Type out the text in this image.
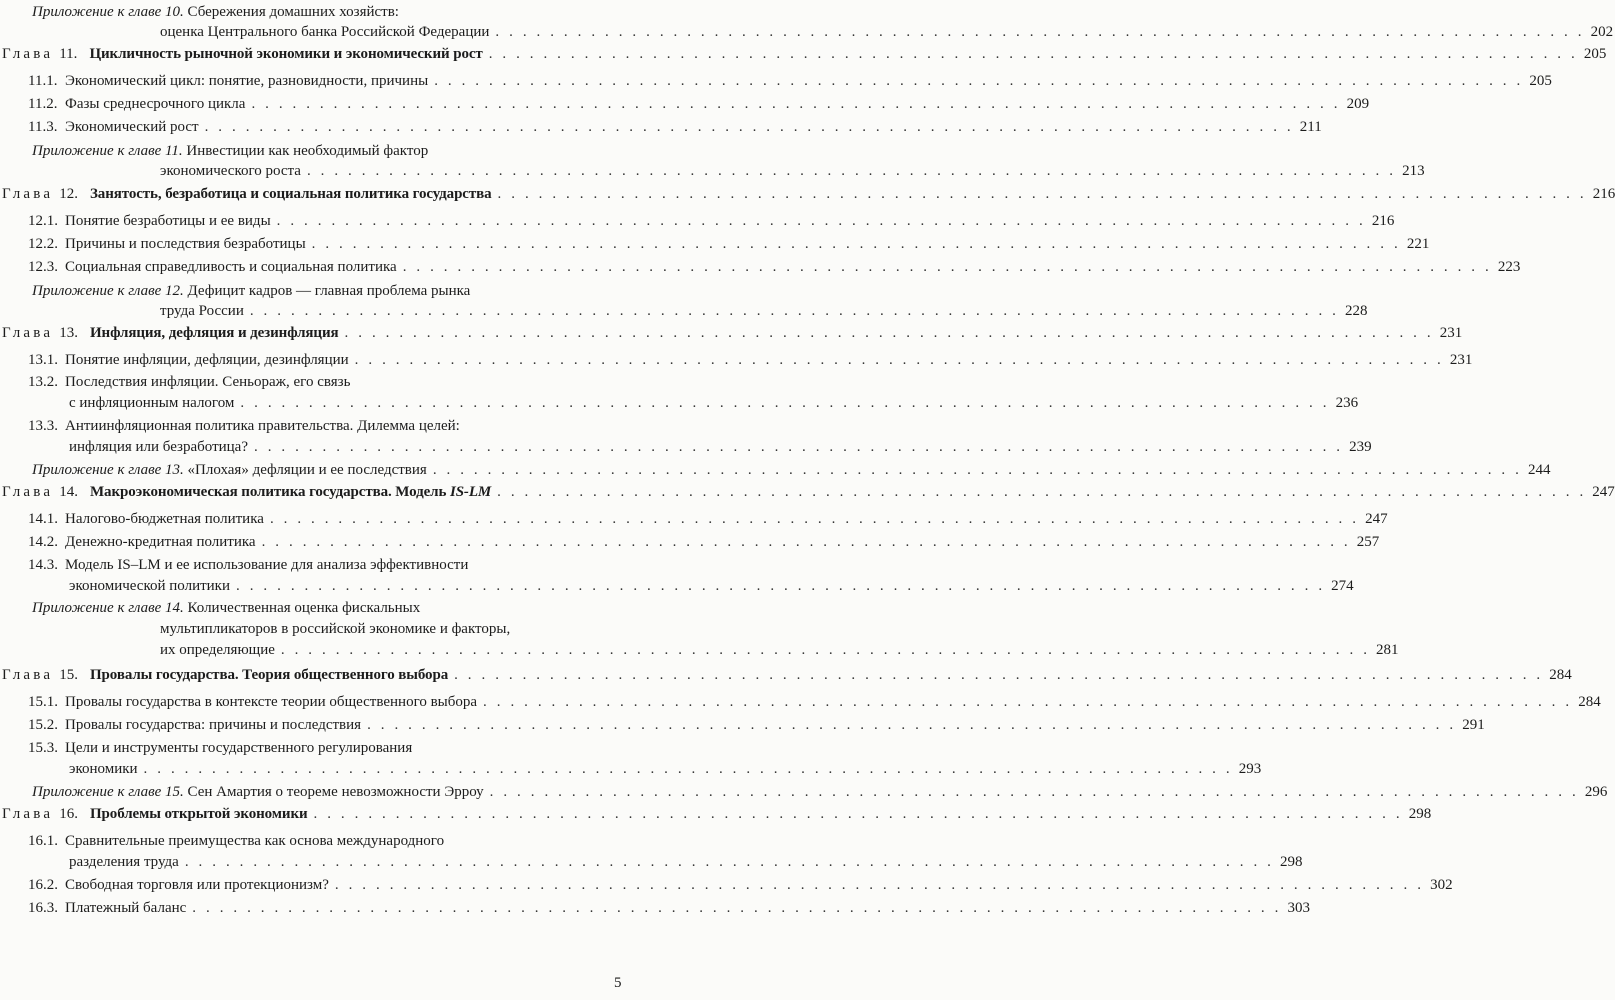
Приложение к главе 10. Сбережения домашних хозяйств:
оценка Центрального банка Российской Федерации . . . . . . . . . . . . . . . . . . . . . . . . . . . . . . . . . . . . . . . . . . . . . . . . . . . . . . . . . . . . . . . . . . . . . . . . . . . . . . . . 202
Глава 11. Цикличность рыночной экономики и экономический рост . . . . . . . . . . . . . . . . . . . . . . . . . . . . . . . . . . . . . . . . . . . . . . . . . . . . . . . . . . . . . . . . . . . . . . . . . . . . . . . . 205
11.1. Экономический цикл: понятие, разновидности, причины . . . . . . . . . . . . . . . . . . . . . . . . . . . . . . . . . . . . . . . . . . . . . . . . . . . . . . . . . . . . . . . . . . . . . . . . . . . . . . . . 205
11.2. Фазы среднесрочного цикла . . . . . . . . . . . . . . . . . . . . . . . . . . . . . . . . . . . . . . . . . . . . . . . . . . . . . . . . . . . . . . . . . . . . . . . . . . . . . . . . 209
11.3. Экономический рост . . . . . . . . . . . . . . . . . . . . . . . . . . . . . . . . . . . . . . . . . . . . . . . . . . . . . . . . . . . . . . . . . . . . . . . . . . . . . . . . 211
Приложение к главе 11. Инвестиции как необходимый фактор
экономического роста . . . . . . . . . . . . . . . . . . . . . . . . . . . . . . . . . . . . . . . . . . . . . . . . . . . . . . . . . . . . . . . . . . . . . . . . . . . . . . . . 213
Глава 12. Занятость, безработица и социальная политика государства . . . . . . . . . . . . . . . . . . . . . . . . . . . . . . . . . . . . . . . . . . . . . . . . . . . . . . . . . . . . . . . . . . . . . . . . . . . . . . . . 216
12.1. Понятие безработицы и ее виды . . . . . . . . . . . . . . . . . . . . . . . . . . . . . . . . . . . . . . . . . . . . . . . . . . . . . . . . . . . . . . . . . . . . . . . . . . . . . . . . 216
12.2. Причины и последствия безработицы . . . . . . . . . . . . . . . . . . . . . . . . . . . . . . . . . . . . . . . . . . . . . . . . . . . . . . . . . . . . . . . . . . . . . . . . . . . . . . . . 221
12.3. Социальная справедливость и социальная политика . . . . . . . . . . . . . . . . . . . . . . . . . . . . . . . . . . . . . . . . . . . . . . . . . . . . . . . . . . . . . . . . . . . . . . . . . . . . . . . . 223
Приложение к главе 12. Дефицит кадров — главная проблема рынка
труда России . . . . . . . . . . . . . . . . . . . . . . . . . . . . . . . . . . . . . . . . . . . . . . . . . . . . . . . . . . . . . . . . . . . . . . . . . . . . . . . . 228
Глава 13. Инфляция, дефляция и дезинфляция . . . . . . . . . . . . . . . . . . . . . . . . . . . . . . . . . . . . . . . . . . . . . . . . . . . . . . . . . . . . . . . . . . . . . . . . . . . . . . . . 231
13.1. Понятие инфляции, дефляции, дезинфляции . . . . . . . . . . . . . . . . . . . . . . . . . . . . . . . . . . . . . . . . . . . . . . . . . . . . . . . . . . . . . . . . . . . . . . . . . . . . . . . . 231
13.2. Последствия инфляции. Сеньораж, его связь
с инфляционным налогом . . . . . . . . . . . . . . . . . . . . . . . . . . . . . . . . . . . . . . . . . . . . . . . . . . . . . . . . . . . . . . . . . . . . . . . . . . . . . . . . 236
13.3. Антиинфляционная политика правительства. Дилемма целей:
инфляция или безработица? . . . . . . . . . . . . . . . . . . . . . . . . . . . . . . . . . . . . . . . . . . . . . . . . . . . . . . . . . . . . . . . . . . . . . . . . . . . . . . . . 239
Приложение к главе 13. «Плохая» дефляции и ее последствия . . . . . . . . . . . . . . . . . . . . . . . . . . . . . . . . . . . . . . . . . . . . . . . . . . . . . . . . . . . . . . . . . . . . . . . . . . . . . . . . 244
Глава 14. Макроэкономическая политика государства. Модель IS-LM . . . . . . . . . . . . . . . . . . . . . . . . . . . . . . . . . . . . . . . . . . . . . . . . . . . . . . . . . . . . . . . . . . . . . . . . . . . . . . . . 247
14.1. Налогово-бюджетная политика . . . . . . . . . . . . . . . . . . . . . . . . . . . . . . . . . . . . . . . . . . . . . . . . . . . . . . . . . . . . . . . . . . . . . . . . . . . . . . . . 247
14.2. Денежно-кредитная политика . . . . . . . . . . . . . . . . . . . . . . . . . . . . . . . . . . . . . . . . . . . . . . . . . . . . . . . . . . . . . . . . . . . . . . . . . . . . . . . . 257
14.3. Модель IS–LM и ее использование для анализа эффективности
экономической политики . . . . . . . . . . . . . . . . . . . . . . . . . . . . . . . . . . . . . . . . . . . . . . . . . . . . . . . . . . . . . . . . . . . . . . . . . . . . . . . . 274
Приложение к главе 14. Количественная оценка фискальных
мультипликаторов в российской экономике и факторы,
их определяющие . . . . . . . . . . . . . . . . . . . . . . . . . . . . . . . . . . . . . . . . . . . . . . . . . . . . . . . . . . . . . . . . . . . . . . . . . . . . . . . . 281
Глава 15. Провалы государства. Теория общественного выбора . . . . . . . . . . . . . . . . . . . . . . . . . . . . . . . . . . . . . . . . . . . . . . . . . . . . . . . . . . . . . . . . . . . . . . . . . . . . . . . . 284
15.1. Провалы государства в контексте теории общественного выбора . . . . . . . . . . . . . . . . . . . . . . . . . . . . . . . . . . . . . . . . . . . . . . . . . . . . . . . . . . . . . . . . . . . . . . . . . . . . . . . . 284
15.2. Провалы государства: причины и последствия . . . . . . . . . . . . . . . . . . . . . . . . . . . . . . . . . . . . . . . . . . . . . . . . . . . . . . . . . . . . . . . . . . . . . . . . . . . . . . . . 291
15.3. Цели и инструменты государственного регулирования
экономики . . . . . . . . . . . . . . . . . . . . . . . . . . . . . . . . . . . . . . . . . . . . . . . . . . . . . . . . . . . . . . . . . . . . . . . . . . . . . . . . 293
Приложение к главе 15. Сен Амартия о теореме невозможности Эрроу . . . . . . . . . . . . . . . . . . . . . . . . . . . . . . . . . . . . . . . . . . . . . . . . . . . . . . . . . . . . . . . . . . . . . . . . . . . . . . . . 296
Глава 16. Проблемы открытой экономики . . . . . . . . . . . . . . . . . . . . . . . . . . . . . . . . . . . . . . . . . . . . . . . . . . . . . . . . . . . . . . . . . . . . . . . . . . . . . . . . 298
16.1. Сравнительные преимущества как основа международного
разделения труда . . . . . . . . . . . . . . . . . . . . . . . . . . . . . . . . . . . . . . . . . . . . . . . . . . . . . . . . . . . . . . . . . . . . . . . . . . . . . . . . 298
16.2. Свободная торговля или протекционизм? . . . . . . . . . . . . . . . . . . . . . . . . . . . . . . . . . . . . . . . . . . . . . . . . . . . . . . . . . . . . . . . . . . . . . . . . . . . . . . . . 302
16.3. Платежный баланс . . . . . . . . . . . . . . . . . . . . . . . . . . . . . . . . . . . . . . . . . . . . . . . . . . . . . . . . . . . . . . . . . . . . . . . . . . . . . . . . 303
5
